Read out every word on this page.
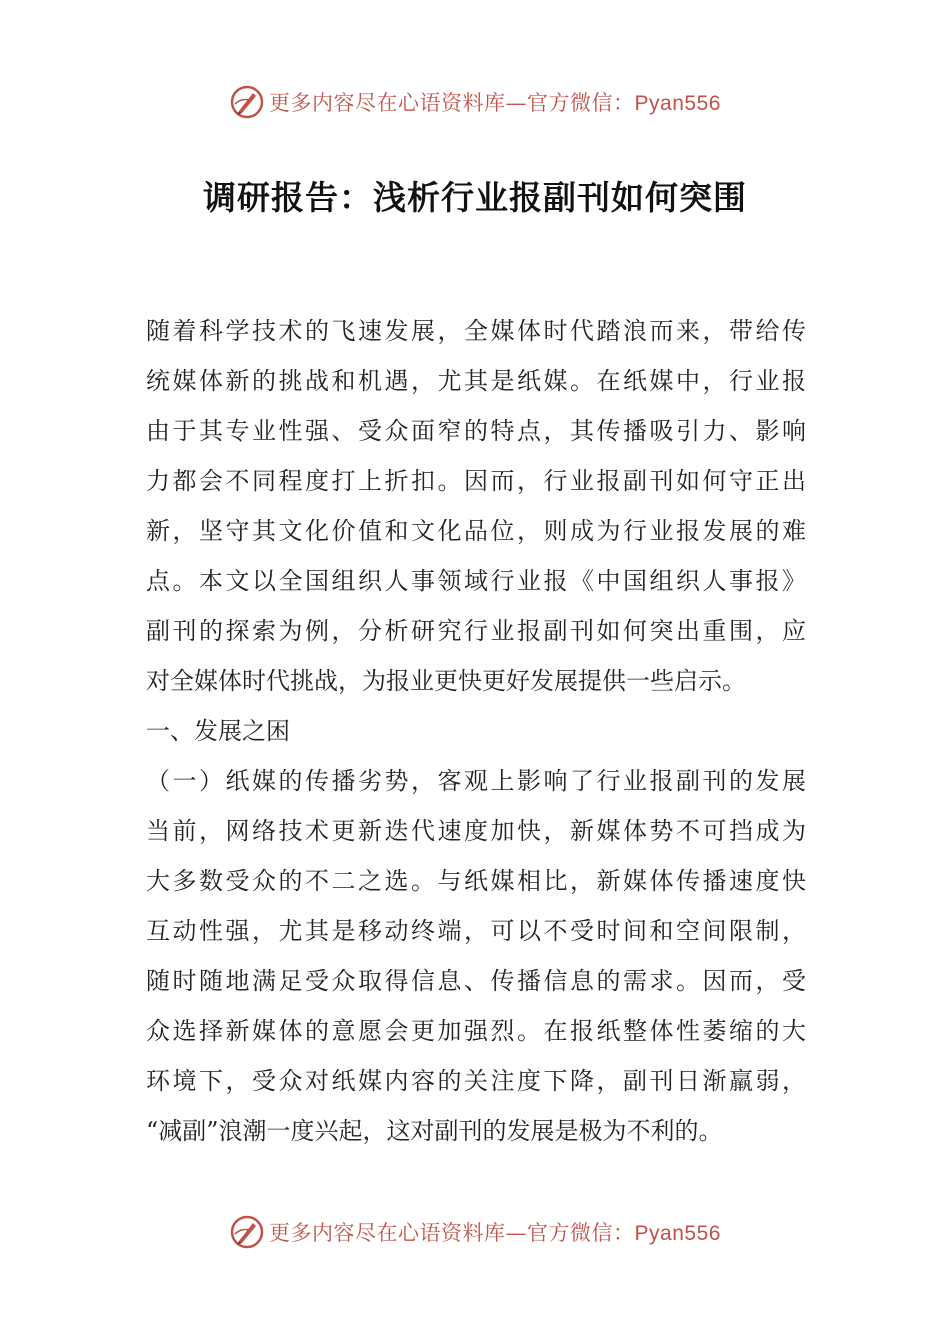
更多内容尽在心语资料库—官方微信：Pyan556
调研报告：浅析行业报副刊如何突围
随着科学技术的飞速发展，全媒体时代踏浪而来，带给传
统媒体新的挑战和机遇，尤其是纸媒。在纸媒中，行业报
由于其专业性强、受众面窄的特点，其传播吸引力、影响
力都会不同程度打上折扣。因而，行业报副刊如何守正出
新，坚守其文化价值和文化品位，则成为行业报发展的难
点。本文以全国组织人事领域行业报《中国组织人事报》
副刊的探索为例，分析研究行业报副刊如何突出重围，应
对全媒体时代挑战，为报业更快更好发展提供一些启示。
一、发展之困
（一）纸媒的传播劣势，客观上影响了行业报副刊的发展
当前，网络技术更新迭代速度加快，新媒体势不可挡成为
大多数受众的不二之选。与纸媒相比，新媒体传播速度快
互动性强，尤其是移动终端，可以不受时间和空间限制，
随时随地满足受众取得信息、传播信息的需求。因而，受
众选择新媒体的意愿会更加强烈。在报纸整体性萎缩的大
环境下，受众对纸媒内容的关注度下降，副刊日渐羸弱，
“减副”浪潮一度兴起，这对副刊的发展是极为不利的。
更多内容尽在心语资料库—官方微信：Pyan556
